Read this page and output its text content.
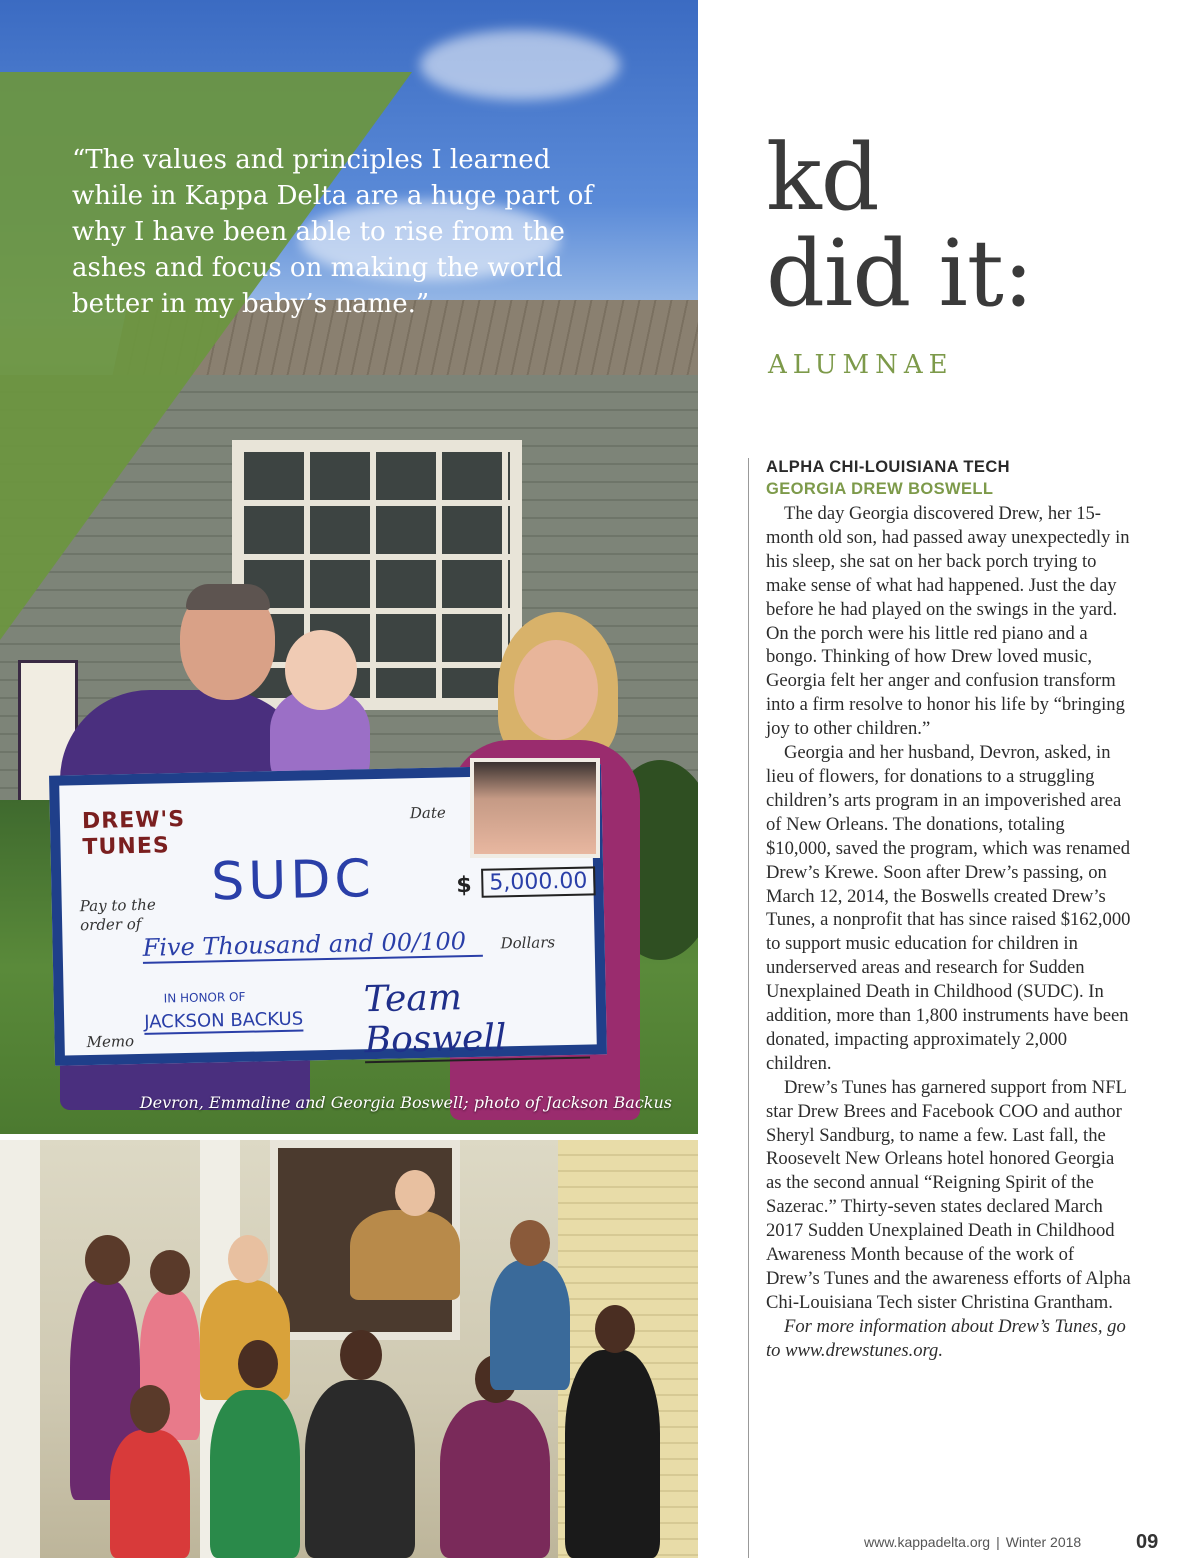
DREW'S
TUNES
Date
Pay to the order of
SUDC	$ 5,000.00
Five Thousand and 00/100	Dollars
IN HONOR OF
Memo
JACKSON BACKUS
Team Boswell
“The values and principles I learned while in Kappa Delta are a huge part of why I have been able to rise from the ashes and focus on making the world better in my baby’s name.”
Devron, Emmaline and Georgia Boswell; photo of Jackson Backus
kd
did it:
ALUMNAE
ALPHA CHI-LOUISIANA TECH
GEORGIA DREW BOSWELL

The day Georgia discovered Drew, her 15-month old son, had passed away unexpectedly in his sleep, she sat on her back porch trying to make sense of what had happened. Just the day before he had played on the swings in the yard. On the porch were his little red piano and a bongo. Thinking of how Drew loved music, Georgia felt her anger and confusion transform into a firm resolve to honor his life by “bringing joy to other children.”

Georgia and her husband, Devron, asked, in lieu of flowers, for donations to a struggling children’s arts program in an impoverished area of New Orleans. The donations, totaling $10,000, saved the program, which was renamed Drew’s Krewe. Soon after Drew’s passing, on March 12, 2014, the Boswells created Drew’s Tunes, a nonprofit that has since raised $162,000 to support music education for children in underserved areas and research for Sudden Unexplained Death in Childhood (SUDC). In addition, more than 1,800 instruments have been donated, impacting approximately 2,000 children.

Drew’s Tunes has garnered support from NFL star Drew Brees and Facebook COO and author Sheryl Sandburg, to name a few. Last fall, the Roosevelt New Orleans hotel honored Georgia as the second annual “Reigning Spirit of the Sazerac.” Thirty-seven states declared March 2017 Sudden Unexplained Death in Childhood Awareness Month because of the work of Drew’s Tunes and the awareness efforts of Alpha Chi-Louisiana Tech sister Christina Grantham.

For more information about Drew’s Tunes, go to www.drewstunes.org.

www.kappadelta.org | Winter 2018	09
